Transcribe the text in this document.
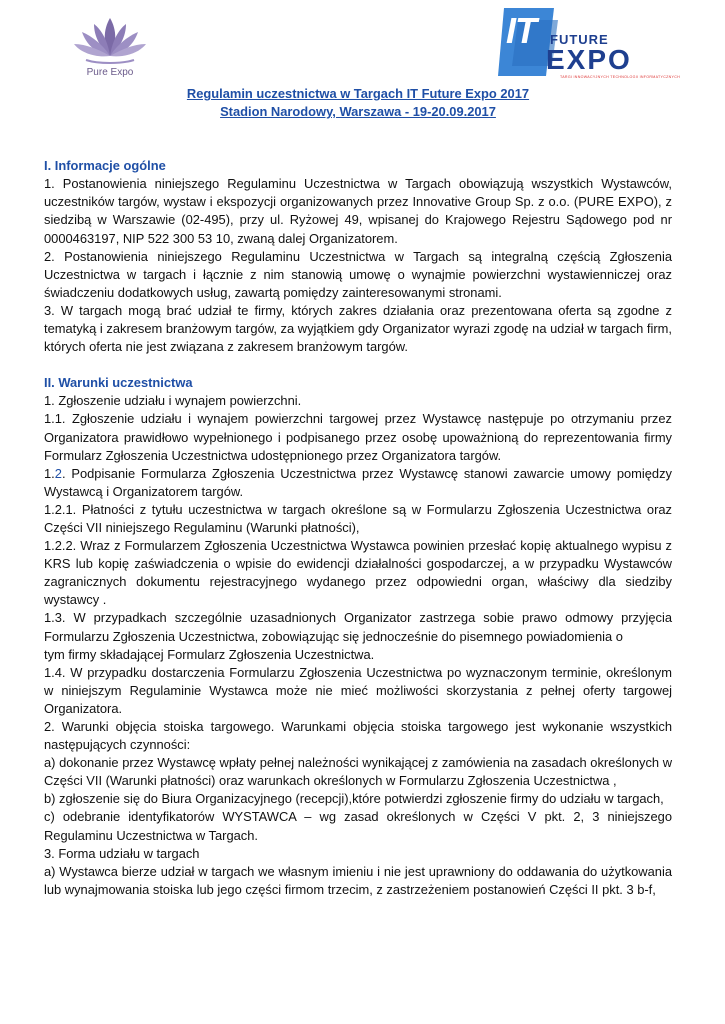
Pure Expo
IT FUTURE
EXPO
TARGI INNOWACYJNYCH TECHNOLOGII INFORMATYCZNYCH
Regulamin uczestnictwa w Targach IT Future Expo 2017
Stadion Narodowy, Warszawa - 19-20.09.2017
I. Informacje ogólne

1. Postanowienia niniejszego Regulaminu Uczestnictwa w Targach obowiązują wszystkich Wystawców, uczestników targów, wystaw i ekspozycji organizowanych przez Innovative Group Sp. z o.o. (PURE EXPO), z siedzibą w Warszawie (02-495), przy ul. Ryżowej 49, wpisanej do Krajowego Rejestru Sądowego pod nr 0000463197, NIP 522 300 53 10, zwaną dalej Organizatorem.

2. Postanowienia niniejszego Regulaminu Uczestnictwa w Targach są integralną częścią Zgłoszenia Uczestnictwa w targach i łącznie z nim stanowią umowę o wynajmie powierzchni wystawienniczej oraz świadczeniu dodatkowych usług, zawartą pomiędzy zainteresowanymi stronami.

3. W targach mogą brać udział te firmy, których zakres działania oraz prezentowana oferta są zgodne z tematyką i zakresem branżowym targów, za wyjątkiem gdy Organizator wyrazi zgodę na udział w targach firm, których oferta nie jest związana z zakresem branżowym targów.

II. Warunki uczestnictwa

1. Zgłoszenie udziału i wynajem powierzchni.

1.1. Zgłoszenie udziału i wynajem powierzchni targowej przez Wystawcę następuje po otrzymaniu przez Organizatora prawidłowo wypełnionego i podpisanego przez osobę upoważnioną do reprezentowania firmy Formularz Zgłoszenia Uczestnictwa udostępnionego przez Organizatora targów.

1.2. Podpisanie Formularza Zgłoszenia Uczestnictwa przez Wystawcę stanowi zawarcie umowy pomiędzy Wystawcą i Organizatorem targów.

1.2.1. Płatności z tytułu uczestnictwa w targach określone są w Formularzu Zgłoszenia Uczestnictwa oraz Części VII niniejszego Regulaminu (Warunki płatności),

1.2.2. Wraz z Formularzem Zgłoszenia Uczestnictwa Wystawca powinien przesłać kopię aktualnego wypisu z KRS lub kopię zaświadczenia o wpisie do ewidencji działalności gospodarczej, a w przypadku Wystawców zagranicznych dokumentu rejestracyjnego wydanego przez odpowiedni organ, właściwy dla siedziby wystawcy .

1.3. W przypadkach szczególnie uzasadnionych Organizator zastrzega sobie prawo odmowy przyjęcia Formularzu Zgłoszenia Uczestnictwa, zobowiązując się jednocześnie do pisemnego powiadomienia o

tym firmy składającej Formularz Zgłoszenia Uczestnictwa.

1.4. W przypadku dostarczenia Formularzu Zgłoszenia Uczestnictwa po wyznaczonym terminie, określonym w niniejszym Regulaminie Wystawca może nie mieć możliwości skorzystania z pełnej oferty targowej Organizatora.

2. Warunki objęcia stoiska targowego. Warunkami objęcia stoiska targowego jest wykonanie wszystkich następujących czynności:

a) dokonanie przez Wystawcę wpłaty pełnej należności wynikającej z zamówienia na zasadach określonych w Części VII (Warunki płatności) oraz warunkach określonych w Formularzu Zgłoszenia Uczestnictwa ,

b) zgłoszenie się do Biura Organizacyjnego (recepcji),które potwierdzi zgłoszenie firmy do udziału w targach,

c) odebranie identyfikatorów WYSTAWCA – wg zasad określonych w Części V pkt. 2, 3 niniejszego Regulaminu Uczestnictwa w Targach.

3. Forma udziału w targach

a) Wystawca bierze udział w targach we własnym imieniu i nie jest uprawniony do oddawania do użytkowania lub wynajmowania stoiska lub jego części firmom trzecim, z zastrzeżeniem postanowień Części II pkt. 3 b-f,
